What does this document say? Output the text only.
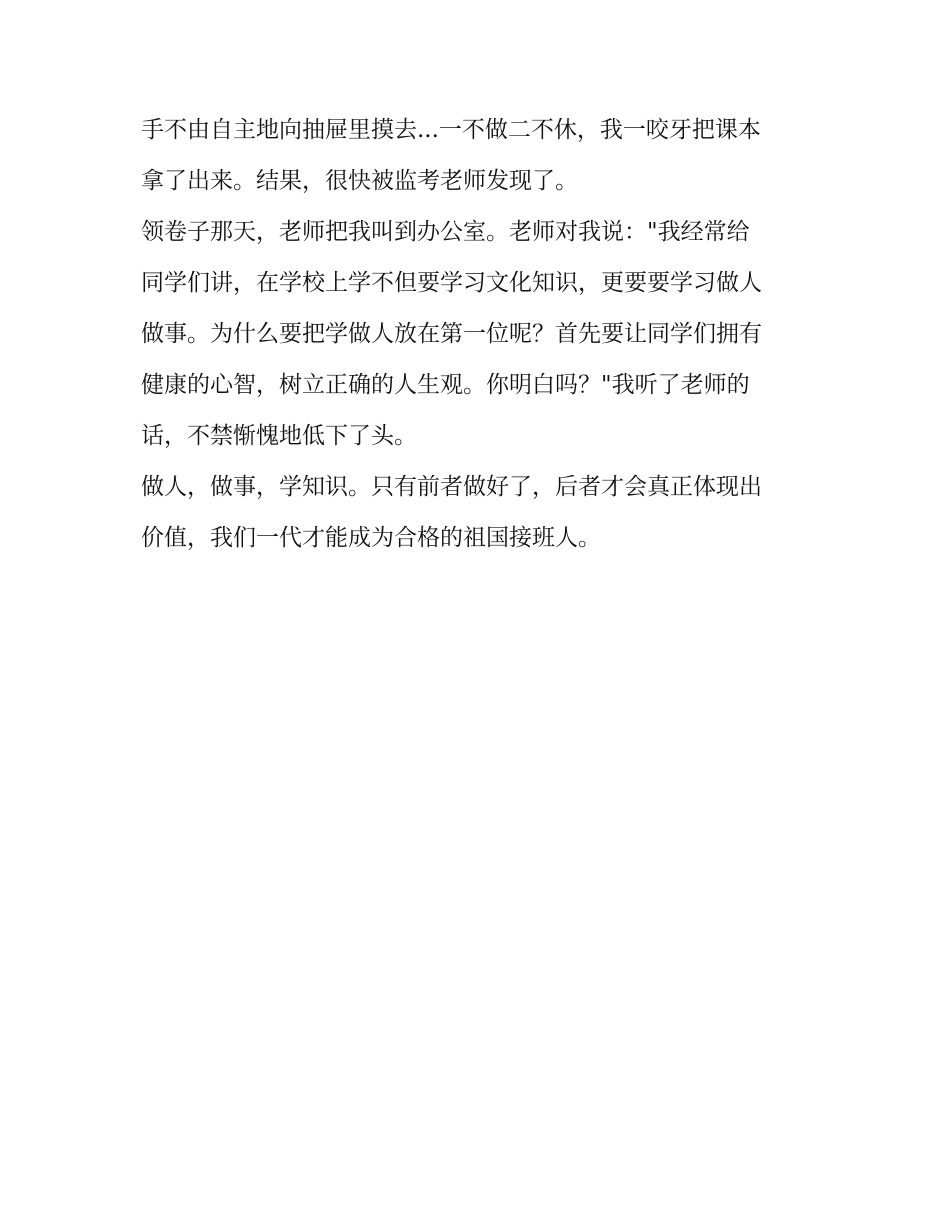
手不由自主地向抽屉里摸去...一不做二不休，我一咬牙把课本
拿了出来。结果，很快被监考老师发现了。
领卷子那天，老师把我叫到办公室。老师对我说："我经常给
同学们讲，在学校上学不但要学习文化知识，更要要学习做人
做事。为什么要把学做人放在第一位呢？首先要让同学们拥有
健康的心智，树立正确的人生观。你明白吗？"我听了老师的
话，不禁惭愧地低下了头。
做人，做事，学知识。只有前者做好了，后者才会真正体现出
价值，我们一代才能成为合格的祖国接班人。
